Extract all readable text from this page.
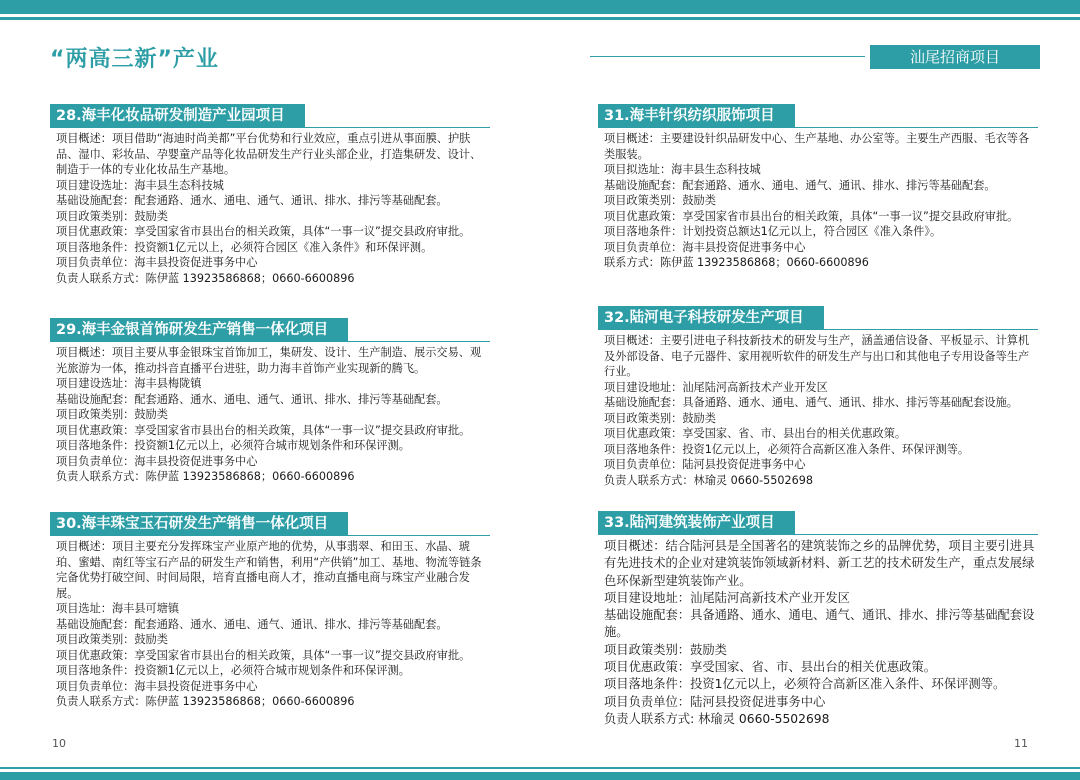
“两高三新”产业	汕尾招商项目
28.海丰化妆品研发制造产业园项目
项目概述：项目借助“海迪时尚美都”平台优势和行业效应，重点引进从事面膜、护肤品、湿巾、彩妆品、孕婴童产品等化妆品研发生产行业头部企业，打造集研发、设计、制造于一体的专业化妆品生产基地。
项目建设选址：海丰县生态科技城
基础设施配套：配套通路、通水、通电、通气、通讯、排水、排污等基础配套。
项目政策类别：鼓励类
项目优惠政策：享受国家省市县出台的相关政策，具体“一事一议”提交县政府审批。
项目落地条件：投资额1亿元以上，必须符合园区《准入条件》和环保评测。
项目负责单位：海丰县投资促进事务中心
负责人联系方式：陈伊蓝 13923586868；0660-6600896
29.海丰金银首饰研发生产销售一体化项目
项目概述：项目主要从事金银珠宝首饰加工，集研发、设计、生产制造、展示交易、观光旅游为一体，推动抖音直播平台进驻，助力海丰首饰产业实现新的腾飞。
项目建设选址：海丰县梅陇镇
基础设施配套：配套通路、通水、通电、通气、通讯、排水、排污等基础配套。
项目政策类别：鼓励类
项目优惠政策：享受国家省市县出台的相关政策，具体“一事一议”提交县政府审批。
项目落地条件：投资额1亿元以上，必须符合城市规划条件和环保评测。
项目负责单位：海丰县投资促进事务中心
负责人联系方式：陈伊蓝 13923586868；0660-6600896
30.海丰珠宝玉石研发生产销售一体化项目
项目概述：项目主要充分发挥珠宝产业原产地的优势，从事翡翠、和田玉、水晶、琥珀、蜜蜡、南红等宝石产品的研发生产和销售，利用“产供销”加工、基地、物流等链条完备优势打破空间、时间局限，培育直播电商人才，推动直播电商与珠宝产业融合发展。
项目选址：海丰县可塘镇
基础设施配套：配套通路、通水、通电、通气、通讯、排水、排污等基础配套。
项目政策类别：鼓励类
项目优惠政策：享受国家省市县出台的相关政策，具体“一事一议”提交县政府审批。
项目落地条件：投资额1亿元以上，必须符合城市规划条件和环保评测。
项目负责单位：海丰县投资促进事务中心
负责人联系方式：陈伊蓝 13923586868；0660-6600896
31.海丰针织纺织服饰项目
项目概述：主要建设针织品研发中心、生产基地、办公室等。主要生产西服、毛衣等各类服装。
项目拟选址：海丰县生态科技城
基础设施配套：配套通路、通水、通电、通气、通讯、排水、排污等基础配套。
项目政策类别：鼓励类
项目优惠政策：享受国家省市县出台的相关政策，具体“一事一议”提交县政府审批。
项目落地条件：计划投资总额达1亿元以上，符合园区《准入条件》。
项目负责单位：海丰县投资促进事务中心
联系方式：陈伊蓝 13923586868；0660-6600896
32.陆河电子科技研发生产项目
项目概述：主要引进电子科技新技术的研发与生产，涵盖通信设备、平板显示、计算机及外部设备、电子元器件、家用视听软件的研发生产与出口和其他电子专用设备等生产行业。
项目建设地址：汕尾陆河高新技术产业开发区
基础设施配套：具备通路、通水、通电、通气、通讯、排水、排污等基础配套设施。
项目政策类别：鼓励类
项目优惠政策：享受国家、省、市、县出台的相关优惠政策。
项目落地条件：投资1亿元以上，必须符合高新区准入条件、环保评测等。
项目负责单位：陆河县投资促进事务中心
负责人联系方式：林瑜灵 0660-5502698
33.陆河建筑装饰产业项目
项目概述：结合陆河县是全国著名的建筑装饰之乡的品牌优势，项目主要引进具有先进技术的企业对建筑装饰领域新材料、新工艺的技术研发生产，重点发展绿色环保新型建筑装饰产业。
项目建设地址：汕尾陆河高新技术产业开发区
基础设施配套：具备通路、通水、通电、通气、通讯、排水、排污等基础配套设施。
项目政策类别：鼓励类
项目优惠政策：享受国家、省、市、县出台的相关优惠政策。
项目落地条件：投资1亿元以上，必须符合高新区准入条件、环保评测等。
项目负责单位：陆河县投资促进事务中心
负责人联系方式: 林瑜灵 0660-5502698
10	11
